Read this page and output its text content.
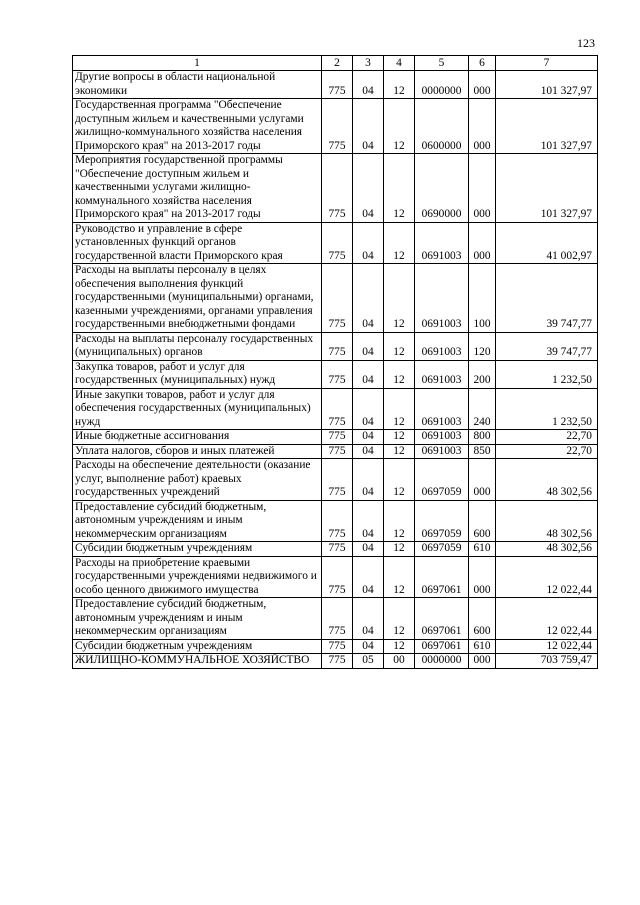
123
1	2	3	4	5	6	7
Другие вопросы в области национальной экономики	775	04	12	0000000	000	101 327,97
Государственная программа "Обеспечение доступным жильем и качественными услугами жилищно-коммунального хозяйства населения Приморского края" на 2013-2017 годы	775	04	12	0600000	000	101 327,97
Мероприятия государственной программы "Обеспечение доступным жильем и качественными услугами жилищно-коммунального хозяйства населения Приморского края" на 2013-2017 годы	775	04	12	0690000	000	101 327,97
Руководство и управление в сфере установленных функций органов государственной власти Приморского края	775	04	12	0691003	000	41 002,97
Расходы на выплаты персоналу в целях обеспечения выполнения функций государственными (муниципальными) органами, казенными учреждениями, органами управления государственными внебюджетными фондами	775	04	12	0691003	100	39 747,77
Расходы на выплаты персоналу государственных (муниципальных) органов	775	04	12	0691003	120	39 747,77
Закупка товаров, работ и услуг для государственных (муниципальных) нужд	775	04	12	0691003	200	1 232,50
Иные закупки товаров, работ и услуг для обеспечения государственных (муниципальных) нужд	775	04	12	0691003	240	1 232,50
Иные бюджетные ассигнования	775	04	12	0691003	800	22,70
Уплата налогов, сборов и иных платежей	775	04	12	0691003	850	22,70
Расходы на обеспечение деятельности (оказание услуг, выполнение работ) краевых государственных учреждений	775	04	12	0697059	000	48 302,56
Предоставление субсидий бюджетным, автономным учреждениям и иным некоммерческим организациям	775	04	12	0697059	600	48 302,56
Субсидии бюджетным учреждениям	775	04	12	0697059	610	48 302,56
Расходы на приобретение краевыми государственными учреждениями недвижимого и особо ценного движимого имущества	775	04	12	0697061	000	12 022,44
Предоставление субсидий бюджетным, автономным учреждениям и иным некоммерческим организациям	775	04	12	0697061	600	12 022,44
Субсидии бюджетным учреждениям	775	04	12	0697061	610	12 022,44
ЖИЛИЩНО-КОММУНАЛЬНОЕ ХОЗЯЙСТВО	775	05	00	0000000	000	703 759,47
